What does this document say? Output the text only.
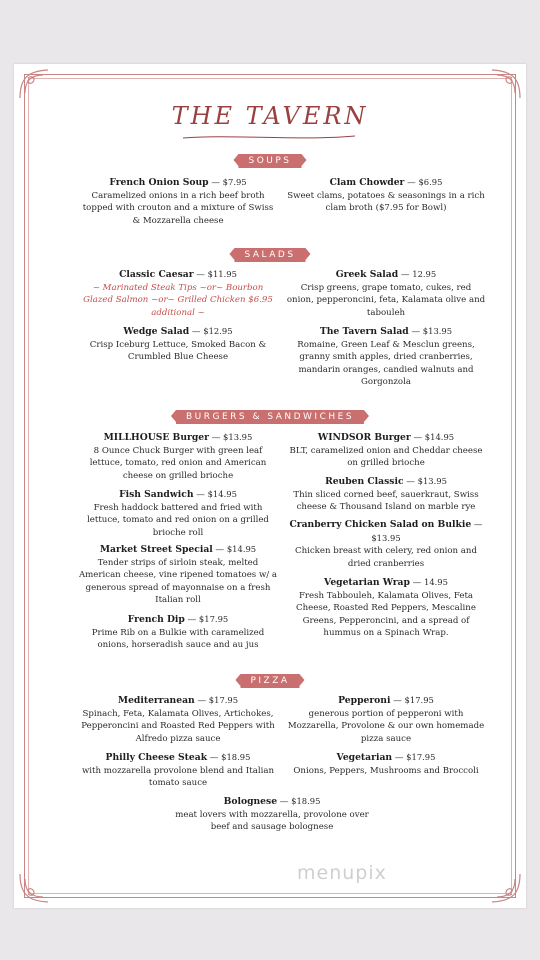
THE TAVERN
SOUPS
French Onion Soup — $7.95
Caramelized onions in a rich beef broth topped with crouton and a mixture of Swiss & Mozzarella cheese
Clam Chowder — $6.95
Sweet clams, potatoes & seasonings in a rich clam broth ($7.95 for Bowl)
SALADS
Classic Caesar — $11.95
~ Marinated Steak Tips ~or~ Bourbon Glazed Salmon ~or~ Grilled Chicken $6.95 additional ~
Greek Salad — 12.95
Crisp greens, grape tomato, cukes, red onion, pepperoncini, feta, Kalamata olive and tabouleh
Wedge Salad — $12.95
Crisp Iceburg Lettuce, Smoked Bacon & Crumbled Blue Cheese
The Tavern Salad — $13.95
Romaine, Green Leaf & Mesclun greens, granny smith apples, dried cranberries, mandarin oranges, candied walnuts and Gorgonzola
BURGERS & SANDWICHES
MILLHOUSE Burger — $13.95
8 Ounce Chuck Burger with green leaf lettuce, tomato, red onion and American cheese on grilled brioche
WINDSOR Burger — $14.95
BLT, caramelized onion and Cheddar cheese on grilled brioche
Fish Sandwich — $14.95
Fresh haddock battered and fried with lettuce, tomato and red onion on a grilled brioche roll
Reuben Classic — $13.95
Thin sliced corned beef, sauerkraut, Swiss cheese & Thousand Island on marble rye
Cranberry Chicken Salad on Bulkie — $13.95
Chicken breast with celery, red onion and dried cranberries
Market Street Special — $14.95
Tender strips of sirloin steak, melted American cheese, vine ripened tomatoes w/ a generous spread of mayonnaise on a fresh Italian roll
Vegetarian Wrap — 14.95
Fresh Tabbouleh, Kalamata Olives, Feta Cheese, Roasted Red Peppers, Mescaline Greens, Pepperoncini, and a spread of hummus on a Spinach Wrap.
French Dip — $17.95
Prime Rib on a Bulkie with caramelized onions, horseradish sauce and au jus
PIZZA
Mediterranean — $17.95
Spinach, Feta, Kalamata Olives, Artichokes, Pepperoncini and Roasted Red Peppers with Alfredo pizza sauce
Pepperoni — $17.95
generous portion of pepperoni with Mozzarella, Provolone & our own homemade pizza sauce
Philly Cheese Steak — $18.95
with mozzarella provolone blend and Italian tomato sauce
Vegetarian — $17.95
Onions, Peppers, Mushrooms and Broccoli
Bolognese — $18.95
meat lovers with mozzarella, provolone over beef and sausage bolognese
menupix
